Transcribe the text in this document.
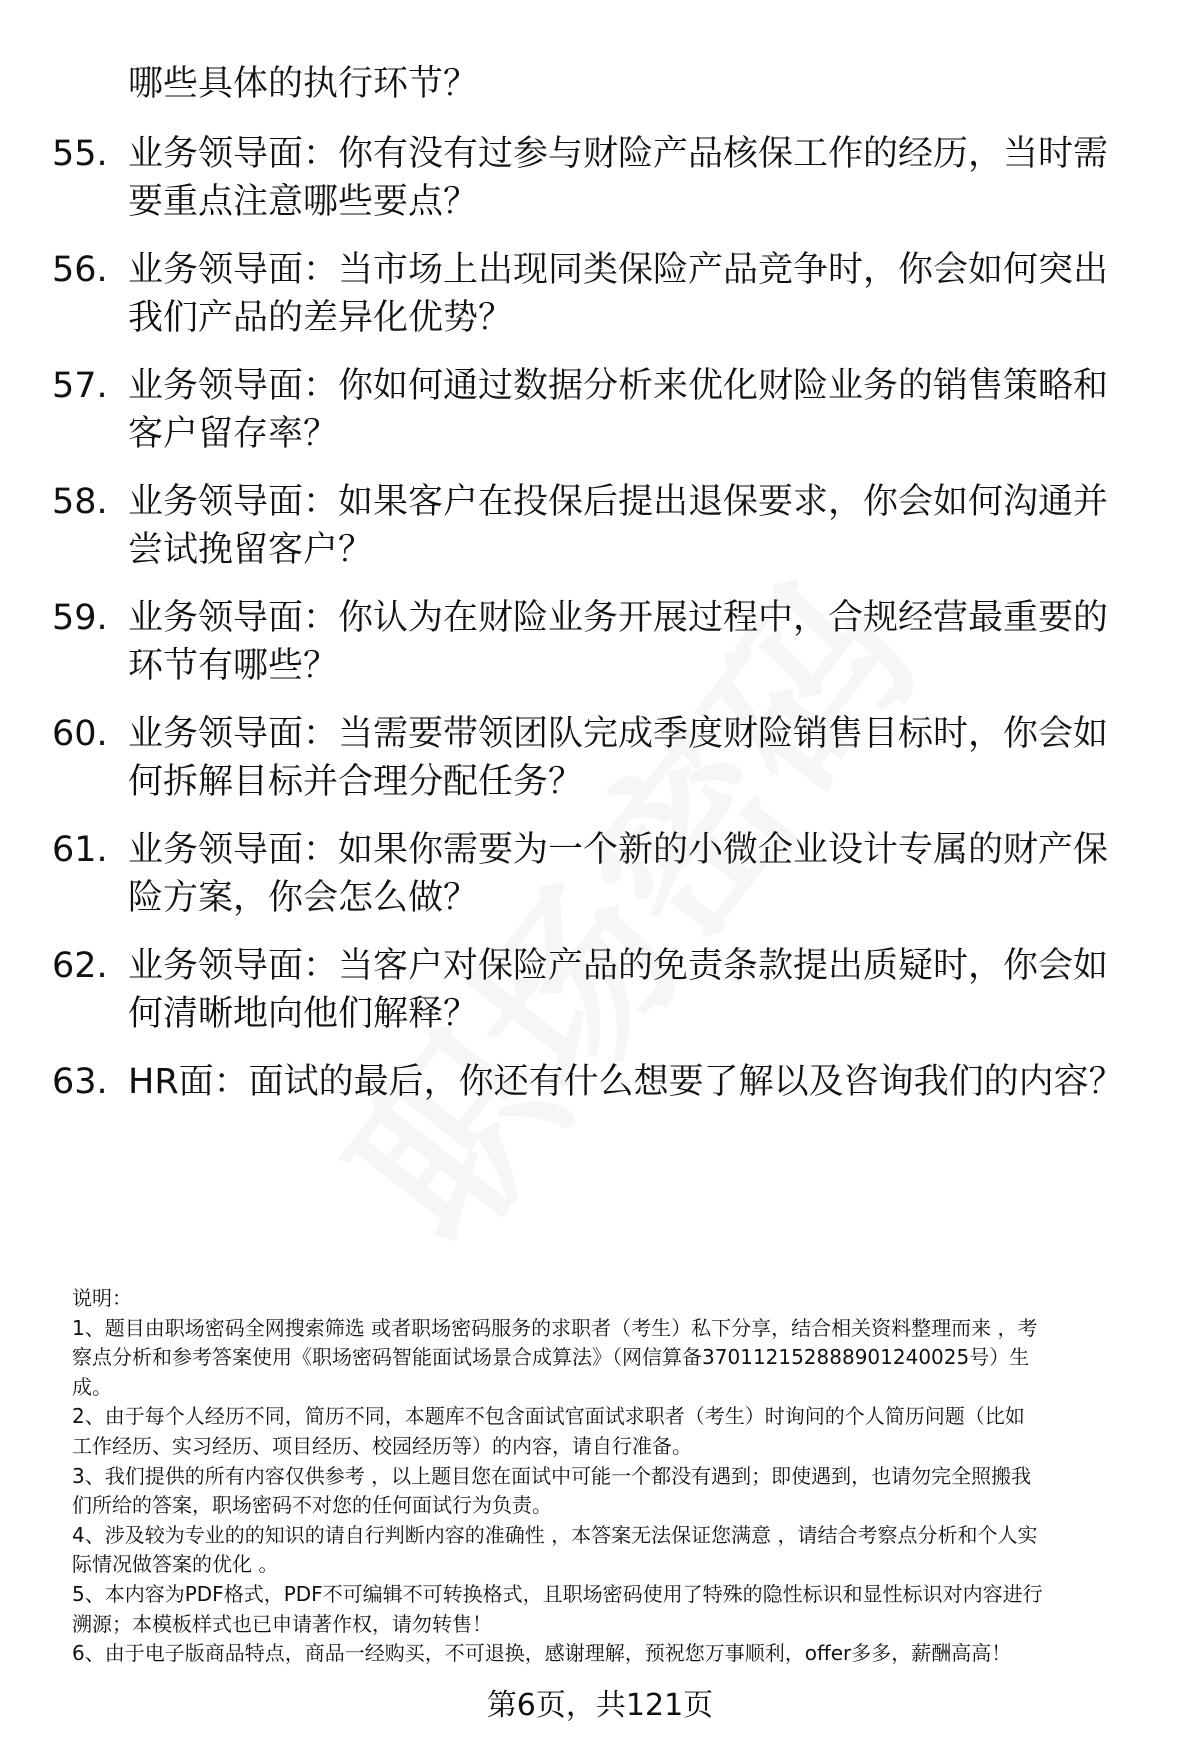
哪些具体的执行环节？
55. 业务领导面：你有没有过参与财险产品核保工作的经历，当时需
要重点注意哪些要点？
56. 业务领导面：当市场上出现同类保险产品竞争时，你会如何突出
我们产品的差异化优势？
57. 业务领导面：你如何通过数据分析来优化财险业务的销售策略和
客户留存率？
58. 业务领导面：如果客户在投保后提出退保要求，你会如何沟通并
尝试挽留客户？
59. 业务领导面：你认为在财险业务开展过程中，合规经营最重要的
环节有哪些？
60. 业务领导面：当需要带领团队完成季度财险销售目标时，你会如
何拆解目标并合理分配任务？
61. 业务领导面：如果你需要为一个新的小微企业设计专属的财产保
险方案，你会怎么做？
62. 业务领导面：当客户对保险产品的免责条款提出质疑时，你会如
何清晰地向他们解释？
63. HR面：面试的最后，你还有什么想要了解以及咨询我们的内容？
说明：
1、题目由职场密码全网搜索筛选 或者职场密码服务的求职者（考生）私下分享，结合相关资料整理而来 ，考
察点分析和参考答案使用《职场密码智能面试场景合成算法》（网信算备370112152888901240025号）生
成。
2、由于每个人经历不同，简历不同，本题库不包含面试官面试求职者（考生）时询问的个人简历问题（比如
工作经历、实习经历、项目经历、校园经历等）的内容，请自行准备。
3、我们提供的所有内容仅供参考 ，以上题目您在面试中可能一个都没有遇到；即使遇到，也请勿完全照搬我
们所给的答案，职场密码不对您的任何面试行为负责。
4、涉及较为专业的的知识的请自行判断内容的准确性 ，本答案无法保证您满意 ，请结合考察点分析和个人实
际情况做答案的优化 。
5、本内容为PDF格式，PDF不可编辑不可转换格式，且职场密码使用了特殊的隐性标识和显性标识对内容进行
溯源；本模板样式也已申请著作权，请勿转售！
6、由于电子版商品特点，商品一经购买，不可退换，感谢理解，预祝您万事顺利，offer多多，薪酬高高！
第6页，共121页
